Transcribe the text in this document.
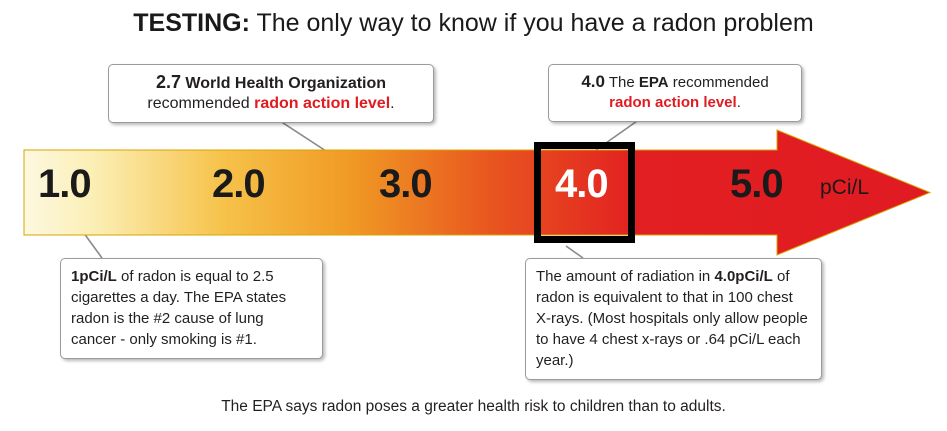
TESTING: The only way to know if you have a radon problem
1.0	2.0	3.0	4.0	5.0 pCi/L
2.7 World Health Organization
recommended radon action level.
4.0 The EPA recommended
radon action level.
1pCi/L of radon is equal to 2.5 cigarettes a day. The EPA states radon is the #2 cause of lung cancer - only smoking is #1.
The amount of radiation in 4.0pCi/L of radon is equivalent to that in 100 chest X-rays. (Most hospitals only allow people to have 4 chest x-rays or .64 pCi/L each year.)
The EPA says radon poses a greater health risk to children than to adults.
